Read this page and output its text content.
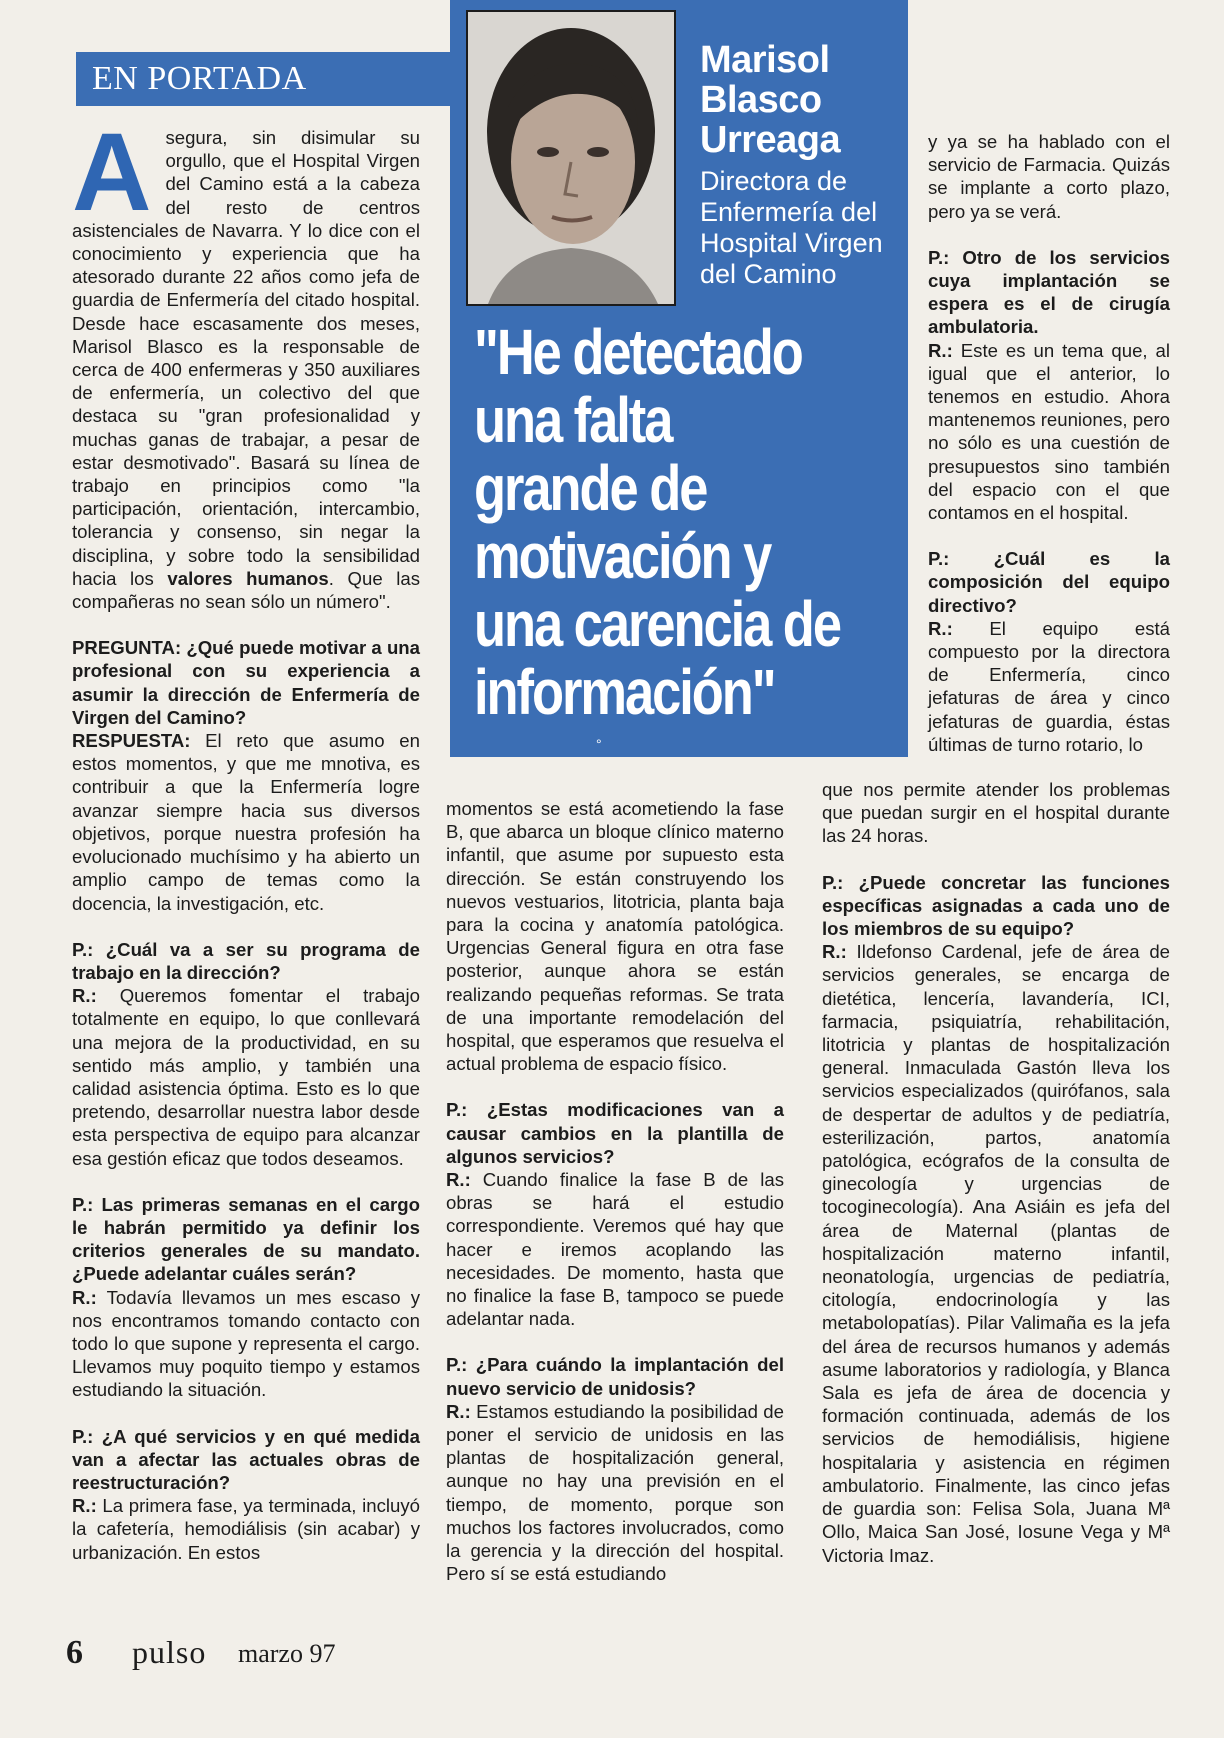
EN PORTADA	Marisol
Blasco
Urreaga
Directora de
Enfermería del
Hospital Virgen
del Camino
"He detectado
una falta
grande de
motivación y
una carencia de
información"
°

Asegura, sin disimular su orgullo, que el Hospital Virgen del Camino está a la cabeza del resto de centros asistenciales de Navarra. Y lo dice con el conocimiento y experiencia que ha atesorado durante 22 años como jefa de guardia de Enfermería del citado hospital. Desde hace escasamente dos meses, Marisol Blasco es la responsable de cerca de 400 enfermeras y 350 auxiliares de enfermería, un colectivo del que destaca su "gran profesionalidad y muchas ganas de trabajar, a pesar de estar desmotivado". Basará su línea de trabajo en principios como "la participación, orientación, intercambio, tolerancia y consenso, sin negar la disciplina, y sobre todo la sensibilidad hacia los valores humanos. Que las compañeras no sean sólo un número".

PREGUNTA: ¿Qué puede motivar a una profesional con su experiencia a asumir la dirección de Enfermería de Virgen del Camino?
RESPUESTA: El reto que asumo en estos momentos, y que me mnotiva, es contribuir a que la Enfermería logre avanzar siempre hacia sus diversos objetivos, porque nuestra profesión ha evolucionado muchísimo y ha abierto un amplio campo de temas como la docencia, la investigación, etc.

P.: ¿Cuál va a ser su programa de trabajo en la dirección?
R.: Queremos fomentar el trabajo totalmente en equipo, lo que conllevará una mejora de la productividad, en su sentido más amplio, y también una calidad asistencia óptima. Esto es lo que pretendo, desarrollar nuestra labor desde esta perspectiva de equipo para alcanzar esa gestión eficaz que todos deseamos.

P.: Las primeras semanas en el cargo le habrán permitido ya definir los criterios generales de su mandato. ¿Puede adelantar cuáles serán?
R.: Todavía llevamos un mes escaso y nos encontramos tomando contacto con todo lo que supone y representa el cargo. Llevamos muy poquito tiempo y estamos estudiando la situación.

P.: ¿A qué servicios y en qué medida van a afectar las actuales obras de reestructuración?
R.: La primera fase, ya terminada, incluyó la cafetería, hemodiálisis (sin acabar) y urbanización. En estos

momentos se está acometiendo la fase B, que abarca un bloque clínico materno infantil, que asume por supuesto esta dirección. Se están construyendo los nuevos vestuarios, litotricia, planta baja para la cocina y anatomía patológica. Urgencias General figura en otra fase posterior, aunque ahora se están realizando pequeñas reformas. Se trata de una importante remodelación del hospital, que esperamos que resuelva el actual problema de espacio físico.

P.: ¿Estas modificaciones van a causar cambios en la plantilla de algunos servicios?
R.: Cuando finalice la fase B de las obras se hará el estudio correspondiente. Veremos qué hay que hacer e iremos acoplando las necesidades. De momento, hasta que no finalice la fase B, tampoco se puede adelantar nada.

P.: ¿Para cuándo la implantación del nuevo servicio de unidosis?
R.: Estamos estudiando la posibilidad de poner el servicio de unidosis en las plantas de hospitalización general, aunque no hay una previsión en el tiempo, de momento, porque son muchos los factores involucrados, como la gerencia y la dirección del hospital. Pero sí se está estudiando

y ya se ha hablado con el servicio de Farmacia. Quizás se implante a corto plazo, pero ya se verá.

P.: Otro de los servicios cuya implantación se espera es el de cirugía ambulatoria.
R.: Este es un tema que, al igual que el anterior, lo tenemos en estudio. Ahora mantenemos reuniones, pero no sólo es una cuestión de presupuestos sino también del espacio con el que contamos en el hospital.

P.: ¿Cuál es la composición del equipo directivo?
R.: El equipo está compuesto por la directora de Enfermería, cinco jefaturas de área y cinco jefaturas de guardia, éstas últimas de turno rotario, lo

que nos permite atender los problemas que puedan surgir en el hospital durante las 24 horas.

P.: ¿Puede concretar las funciones específicas asignadas a cada uno de los miembros de su equipo?
R.: Ildefonso Cardenal, jefe de área de servicios generales, se encarga de dietética, lencería, lavandería, ICI, farmacia, psiquiatría, rehabilitación, litotricia y plantas de hospitalización general. Inmaculada Gastón lleva los servicios especializados (quirófanos, sala de despertar de adultos y de pediatría, esterilización, partos, anatomía patológica, ecógrafos de la consulta de ginecología y urgencias de tocoginecología). Ana Asiáin es jefa del área de Maternal (plantas de hospitalización materno infantil, neonatología, urgencias de pediatría, citología, endocrinología y las metabolopatías). Pilar Valimaña es la jefa del área de recursos humanos y además asume laboratorios y radiología, y Blanca Sala es jefa de área de docencia y formación continuada, además de los servicios de hemodiálisis, higiene hospitalaria y asistencia en régimen ambulatorio. Finalmente, las cinco jefas de guardia son: Felisa Sola, Juana Mª Ollo, Maica San José, Iosune Vega y Mª Victoria Imaz.

6 pulso marzo 97
